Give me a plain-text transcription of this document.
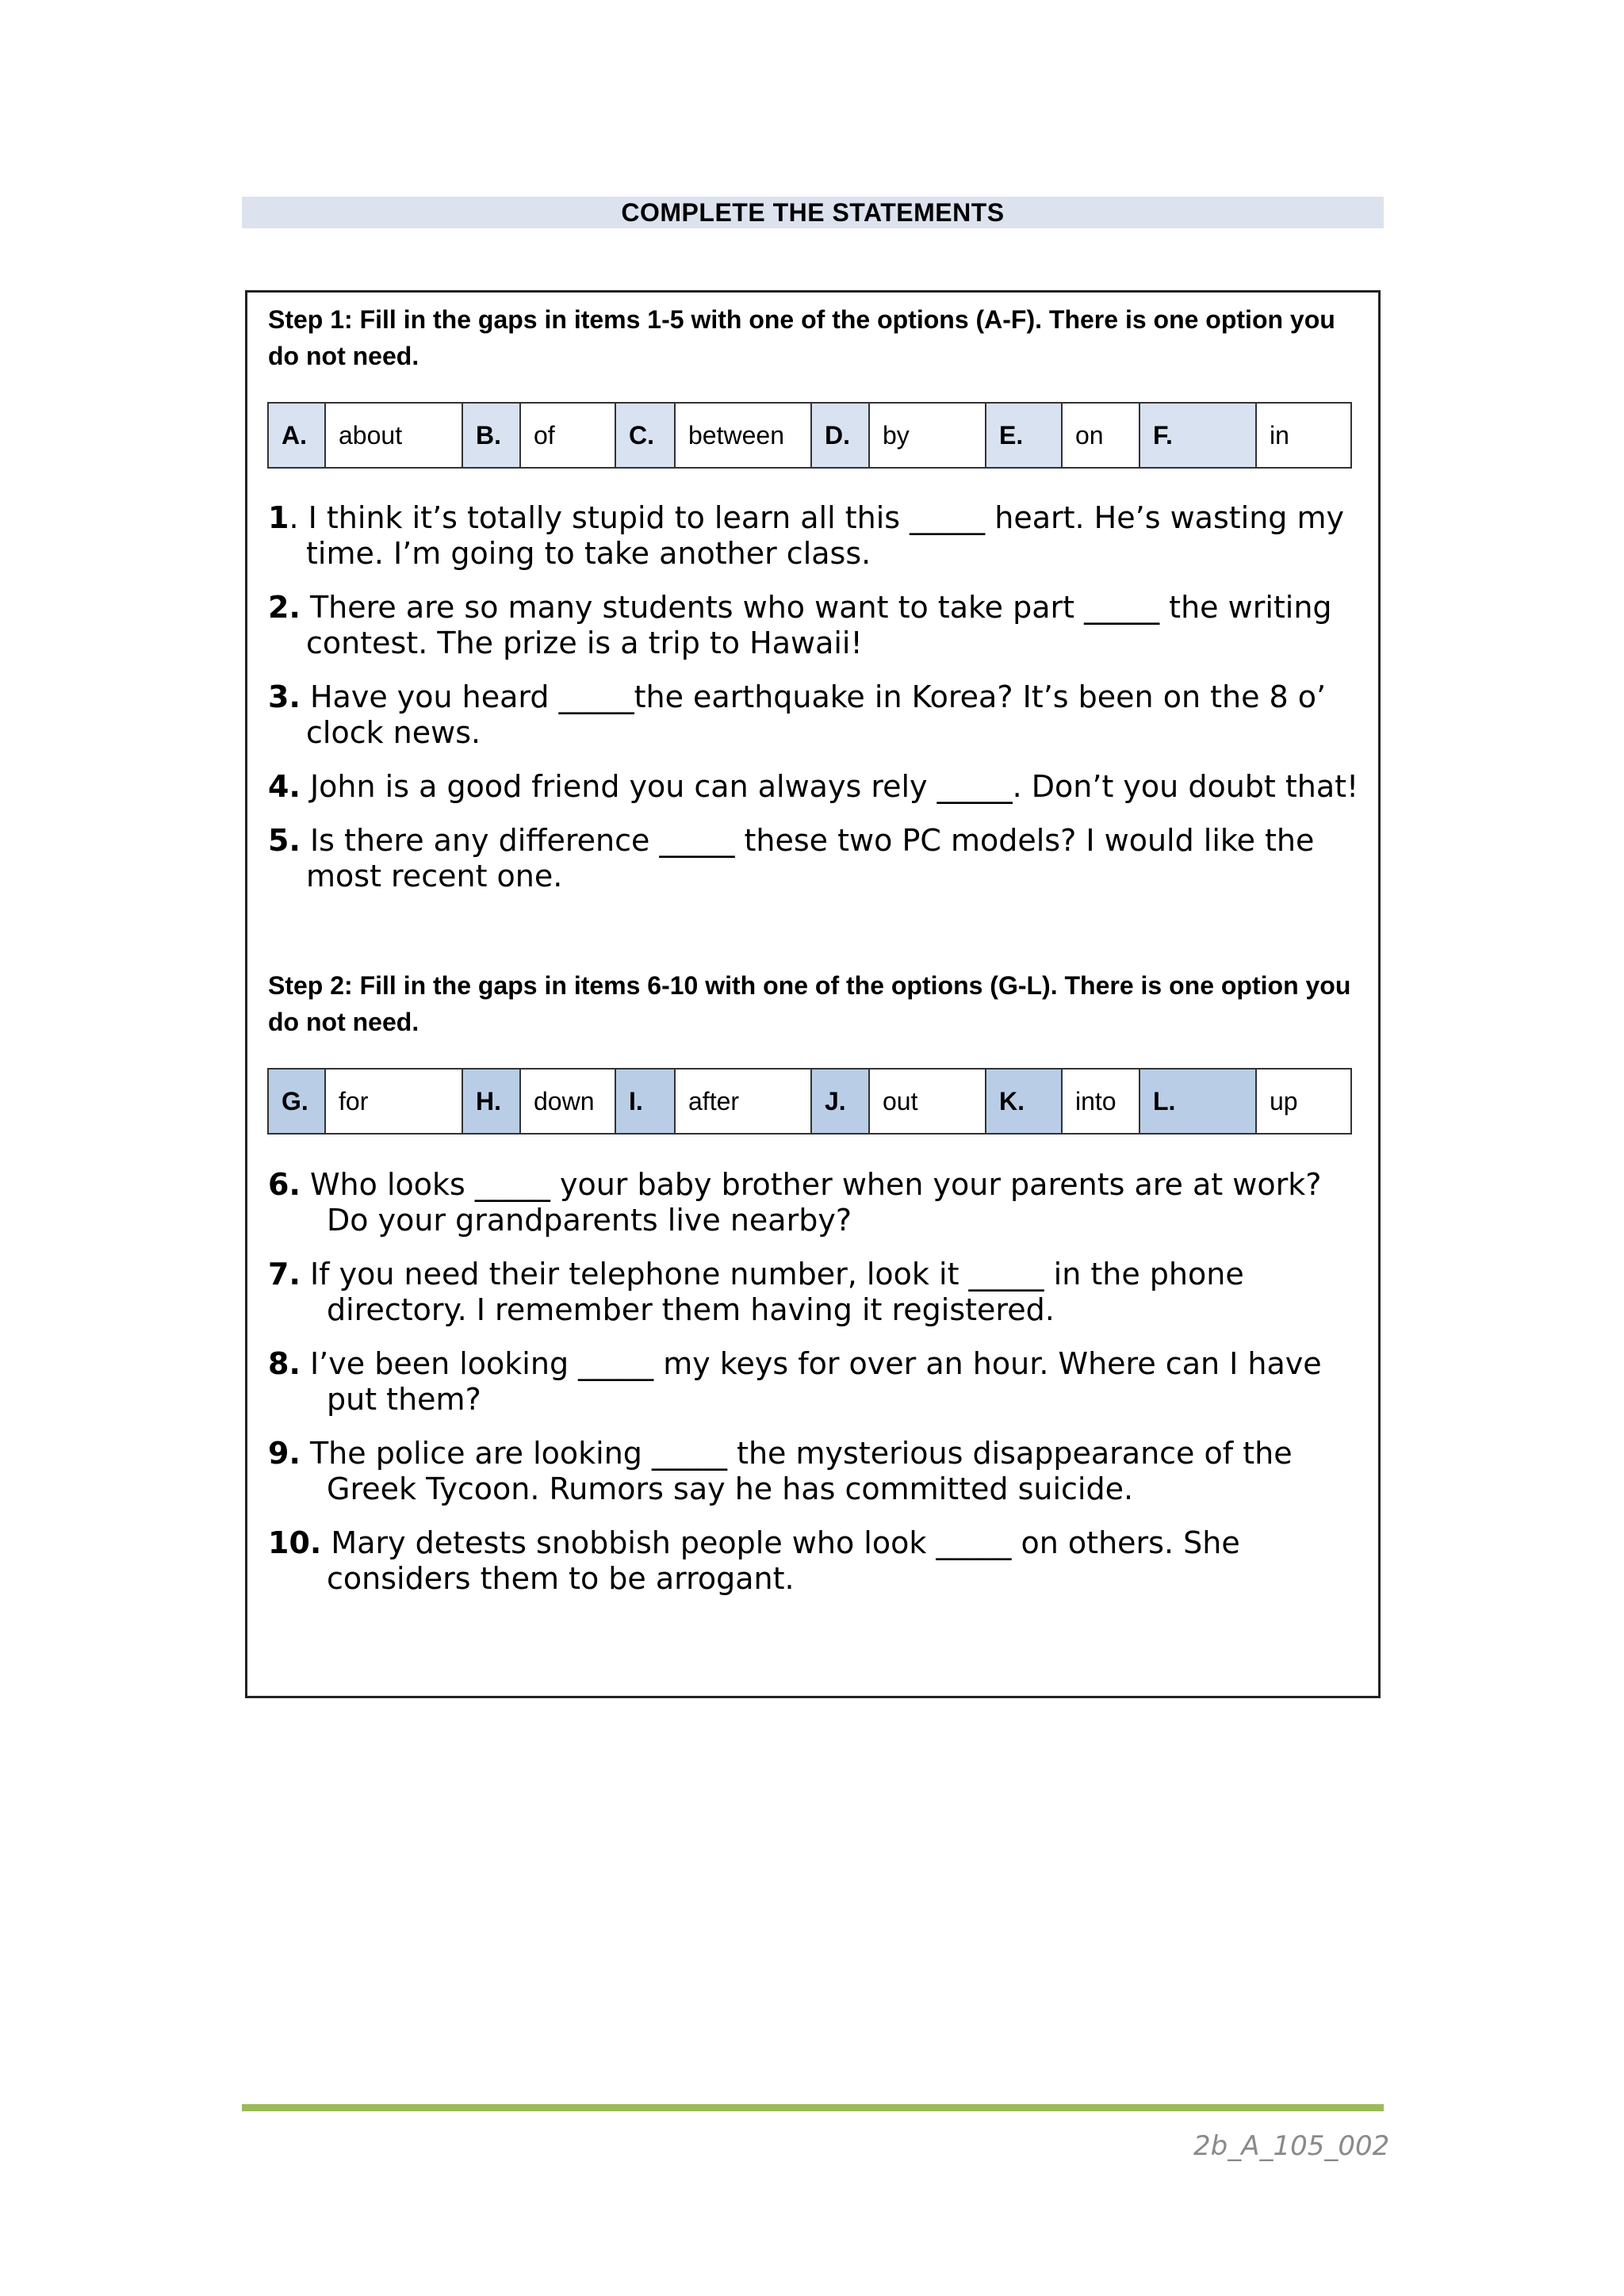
COMPLETE THE STATEMENTS
Step 1: Fill in the gaps in items 1-5 with one of the options (A-F). There is one option you do not need.
A.	about	B.	of	C.	between	D.	by	E.	on	F.	in
1. I think it’s totally stupid to learn all this _____ heart. He’s wasting my time. I’m going to take another class.
2. There are so many students who want to take part _____ the writing contest. The prize is a trip to Hawaii!
3. Have you heard _____the earthquake in Korea? It’s been on the 8 o’ clock news.
4. John is a good friend you can always rely _____. Don’t you doubt that!
5. Is there any difference _____ these two PC models? I would like the most recent one.
Step 2: Fill in the gaps in items 6-10 with one of the options (G-L). There is one option you do not need.
G.	for	H.	down	I.	after	J.	out	K.	into	L.	up
6. Who looks _____ your baby brother when your parents are at work? Do your grandparents live nearby?
7. If you need their telephone number, look it _____ in the phone directory. I remember them having it registered.
8. I’ve been looking _____ my keys for over an hour. Where can I have put them?
9. The police are looking _____ the mysterious disappearance of the Greek Tycoon. Rumors say he has committed suicide.
10. Mary detests snobbish people who look _____ on others. She considers them to be arrogant.
2b_A_105_002
